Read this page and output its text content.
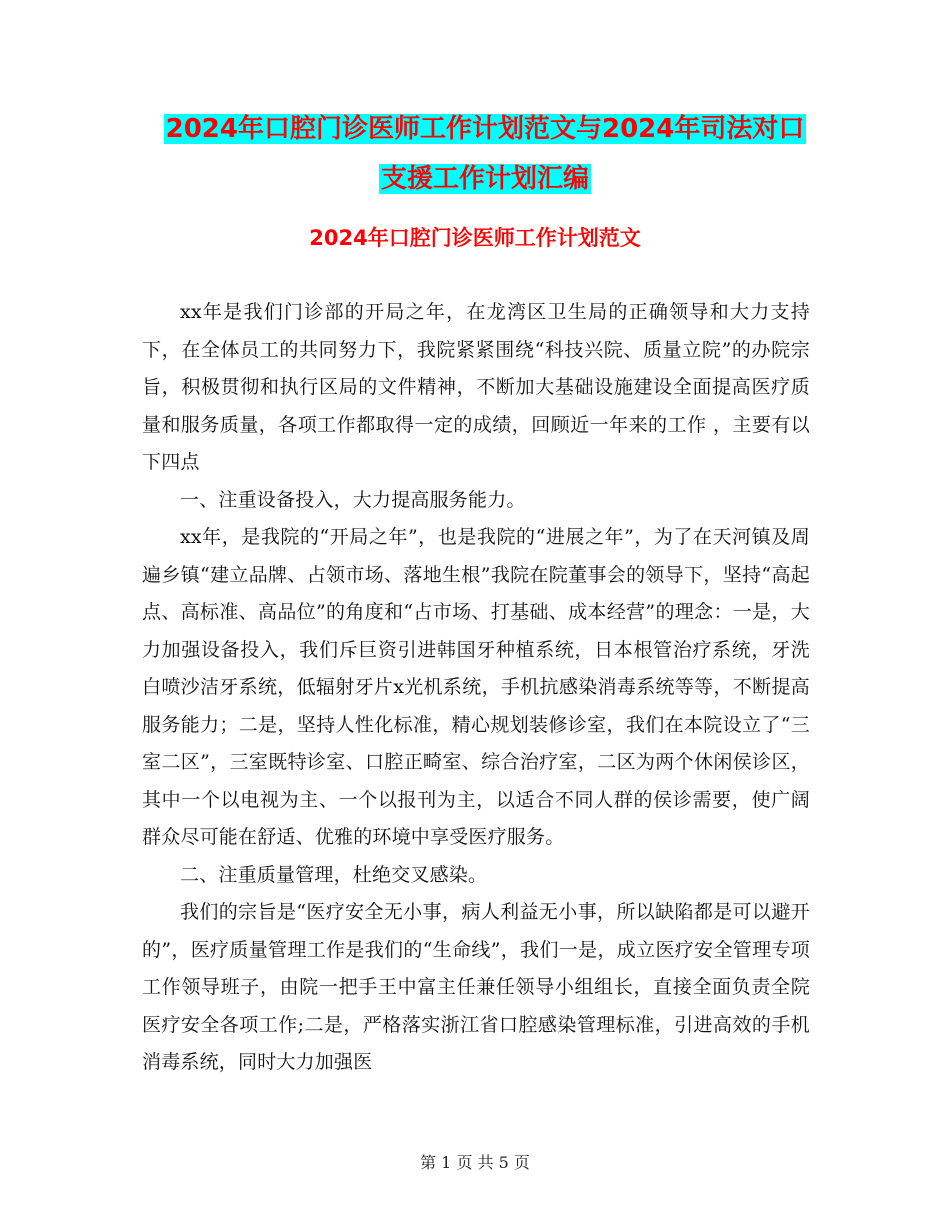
2024年口腔门诊医师工作计划范文与2024年司法对口
支援工作计划汇编
2024年口腔门诊医师工作计划范文

xx年是我们门诊部的开局之年，在龙湾区卫生局的正确领导和大力支持下，在全体员工的共同努力下，我院紧紧围绕“科技兴院、质量立院”的办院宗旨，积极贯彻和执行区局的文件精神，不断加大基础设施建设全面提高医疗质量和服务质量，各项工作都取得一定的成绩，回顾近一年来的工作 ，主要有以下四点

一、注重设备投入，大力提高服务能力。

xx年，是我院的“开局之年”，也是我院的“进展之年”，为了在天河镇及周遍乡镇“建立品牌、占领市场、落地生根”我院在院董事会的领导下，坚持“高起点、高标准、高品位”的角度和“占市场、打基础、成本经营”的理念：一是，大力加强设备投入，我们斥巨资引进韩国牙种植系统，日本根管治疗系统，牙洗白喷沙洁牙系统，低辐射牙片x光机系统，手机抗感染消毒系统等等，不断提高服务能力；二是，坚持人性化标准，精心规划装修诊室，我们在本院设立了“三室二区”，三室既特诊室、口腔正畸室、综合治疗室，二区为两个休闲侯诊区，其中一个以电视为主、一个以报刊为主，以适合不同人群的侯诊需要，使广阔群众尽可能在舒适、优雅的环境中享受医疗服务。

二、注重质量管理，杜绝交叉感染。

我们的宗旨是“医疗安全无小事，病人利益无小事，所以缺陷都是可以避开的”，医疗质量管理工作是我们的“生命线”，我们一是，成立医疗安全管理专项工作领导班子，由院一把手王中富主任兼任领导小组组长，直接全面负责全院医疗安全各项工作;二是，严格落实浙江省口腔感染管理标准，引进高效的手机消毒系统，同时大力加强医

第 1 页 共 5 页
